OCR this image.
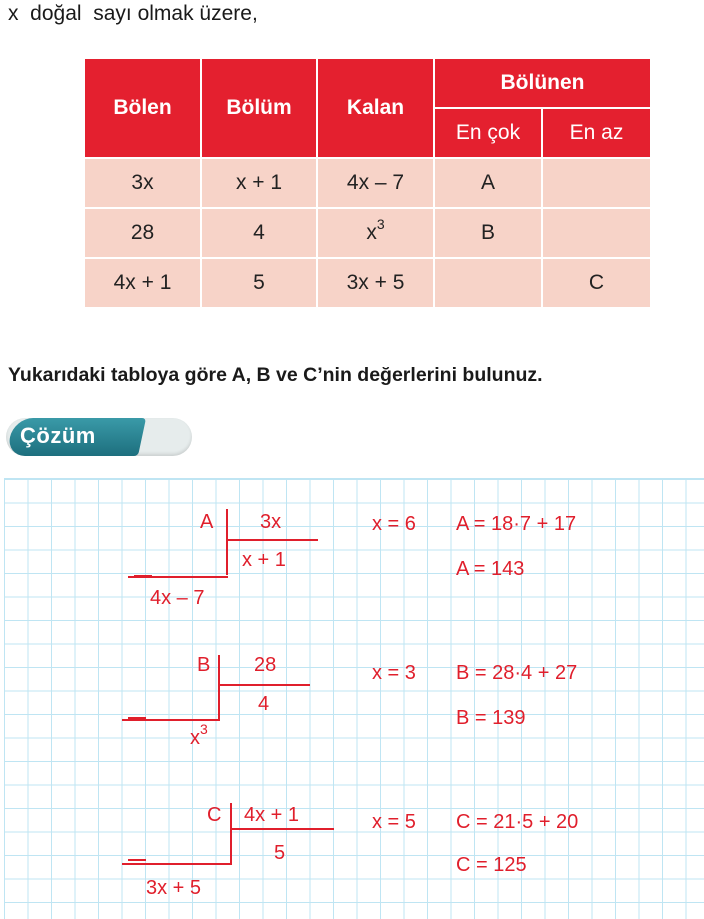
x  doğal  sayı olmak üzere,
Bölen	Bölüm	Kalan	Bölünen	
			En çok	En az
3x	x + 1	4x – 7	A	
28	4	$x^3$	B	
4x + 1	5	3x + 5		C
Yukarıdaki tabloya göre A, B ve C’nin değerlerini bulunuz.
Çözüm
A 3x
x + 1
4x – 7
x = 6 A = 18·7 + 17
A = 143
B 28
4
$x^3$
x = 3 B = 28·4 + 27
B = 139
C 4x + 1
5
3x + 5
x = 5 C = 21·5 + 20
C = 125
